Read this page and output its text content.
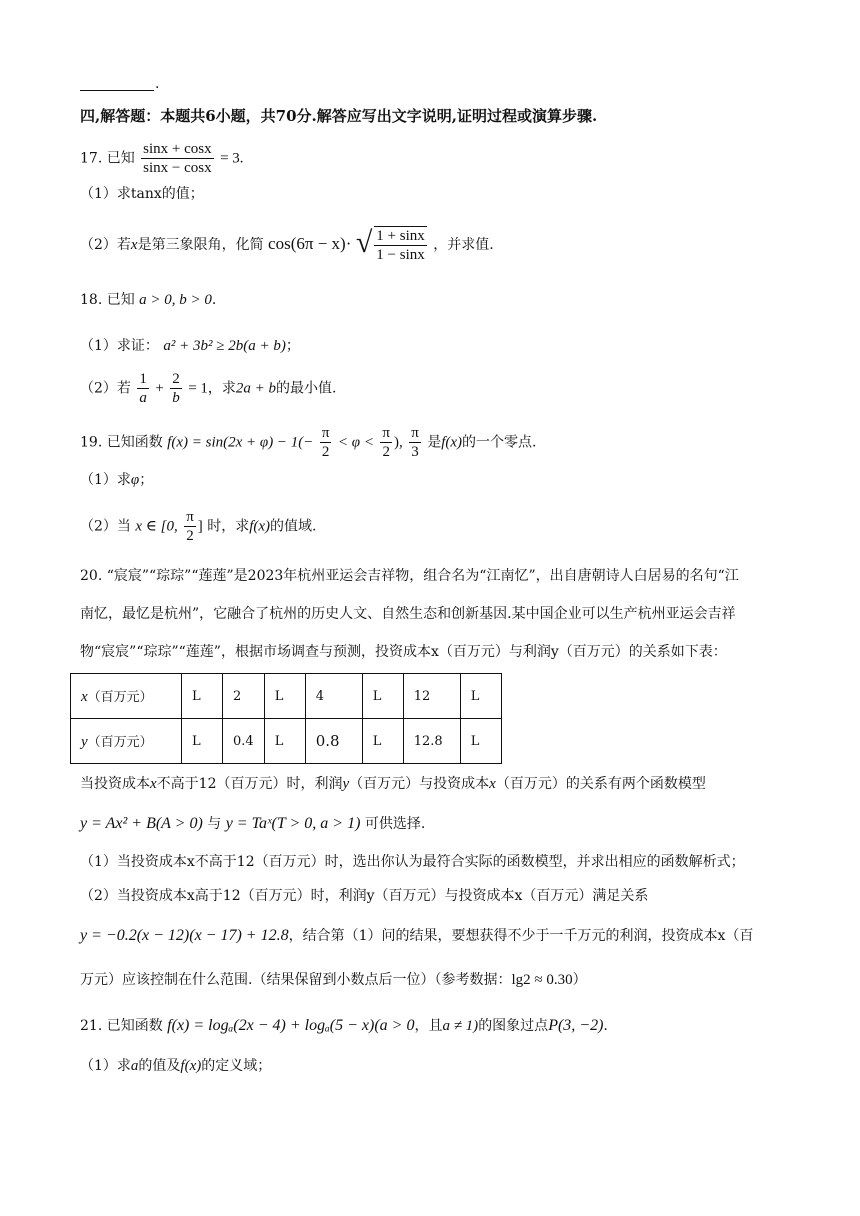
.
四,解答题：本题共6小题，共70分.解答应写出文字说明,证明过程或演算步骤.
17. 已知 $\frac{\sin x + \cos x}{\sin x - \cos x} = 3$.
（1）求tanx的值；
（2）若x是第三象限角，化简 cos(6π − x)· √ $\frac{1 + \sin x}{1 - \sin x}$ ，并求值.
18. 已知 a > 0, b > 0.
（1）求证： a² + 3b² ≥ 2b(a + b)；
（2）若 $\frac{1}{a} + \frac{2}{b} = 1$，求2a + b的最小值.
19. 已知函数 $f(x) = \sin(2x + \varphi) - 1(- \frac{\pi}{2} < \varphi < \frac{\pi}{2}$ ), $\frac{\pi}{3}$ 是f(x)的一个零点.
（1）求φ；
（2）当 x ∈ [0, $\frac{\pi}{2}$ ] 时，求f(x)的值域.
20. “宸宸”“琮琮”“莲莲”是2023年杭州亚运会吉祥物，组合名为“江南忆”，出自唐朝诗人白居易的名句“江
南忆，最忆是杭州”，它融合了杭州的历史人文、自然生态和创新基因.某中国企业可以生产杭州亚运会吉祥
物“宸宸”“琮琮”“莲莲”，根据市场调查与预测，投资成本x（百万元）与利润y（百万元）的关系如下表：
x（百万元）	L	2	L	4	L	12	L
y（百万元）	L	0.4	L	0.8	L	12.8	L
当投资成本x不高于12（百万元）时，利润y（百万元）与投资成本x（百万元）的关系有两个函数模型
y = Ax² + B(A > 0) 与 y = Taˣ(T > 0, a > 1) 可供选择.
（1）当投资成本x不高于12（百万元）时，选出你认为最符合实际的函数模型，并求出相应的函数解析式；
（2）当投资成本x高于12（百万元）时，利润y（百万元）与投资成本x（百万元）满足关系
y = −0.2(x − 12)(x − 17) + 12.8，结合第（1）问的结果，要想获得不少于一千万元的利润，投资成本x（百
万元）应该控制在什么范围.（结果保留到小数点后一位）（参考数据：lg2 ≈ 0.30）
21. 已知函数 f(x) = logₐ(2x − 4) + logₐ(5 − x)(a > 0，且a ≠ 1)的图象过点P(3, −2).
（1）求a的值及f(x)的定义域；
